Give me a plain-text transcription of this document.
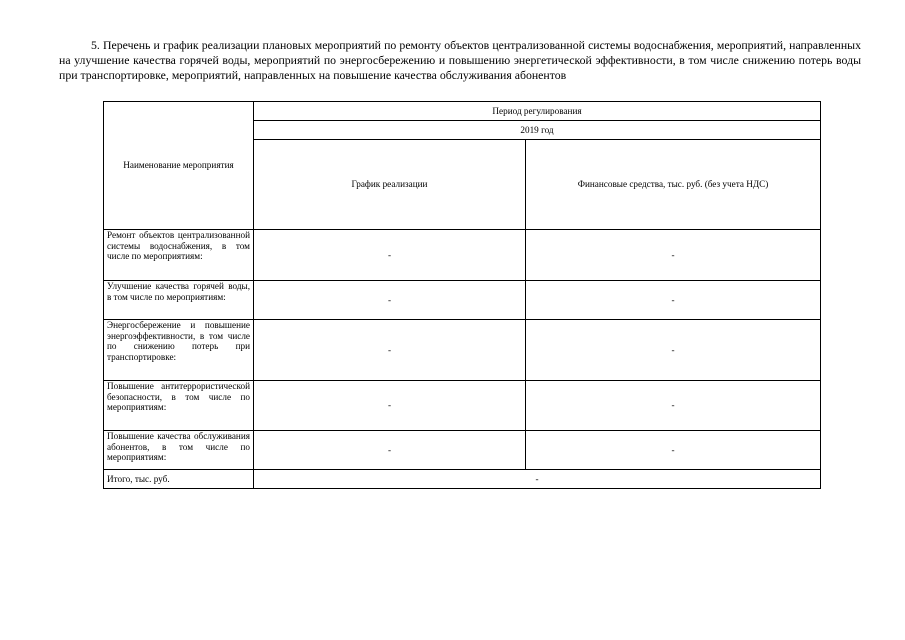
5. Перечень и график реализации плановых мероприятий по ремонту объектов централизованной системы водоснабжения, мероприятий, направленных на улучшение качества горячей воды, мероприятий по энергосбережению и повышению энергетической эффективности, в том числе снижению потерь воды при транспортировке, мероприятий, направленных на повышение качества обслуживания абонентов

Наименование мероприятия	Период регулирования	
	2019 год	
	График реализации	Финансовые средства, тыс. руб. (без учета НДС)
Ремонт объектов централизованной системы водоснабжения, в том числе по мероприятиям:	-	-
Улучшение качества горячей воды, в том числе по мероприятиям:	-	-
Энергосбережение и повышение энергоэффективности, в том числе по снижению потерь при транспортировке:	-	-
Повышение антитеррористической безопасности, в том числе по мероприятиям:	-	-
Повышение качества обслуживания абонентов, в том числе по мероприятиям:	-	-
Итого, тыс. руб.	-	
